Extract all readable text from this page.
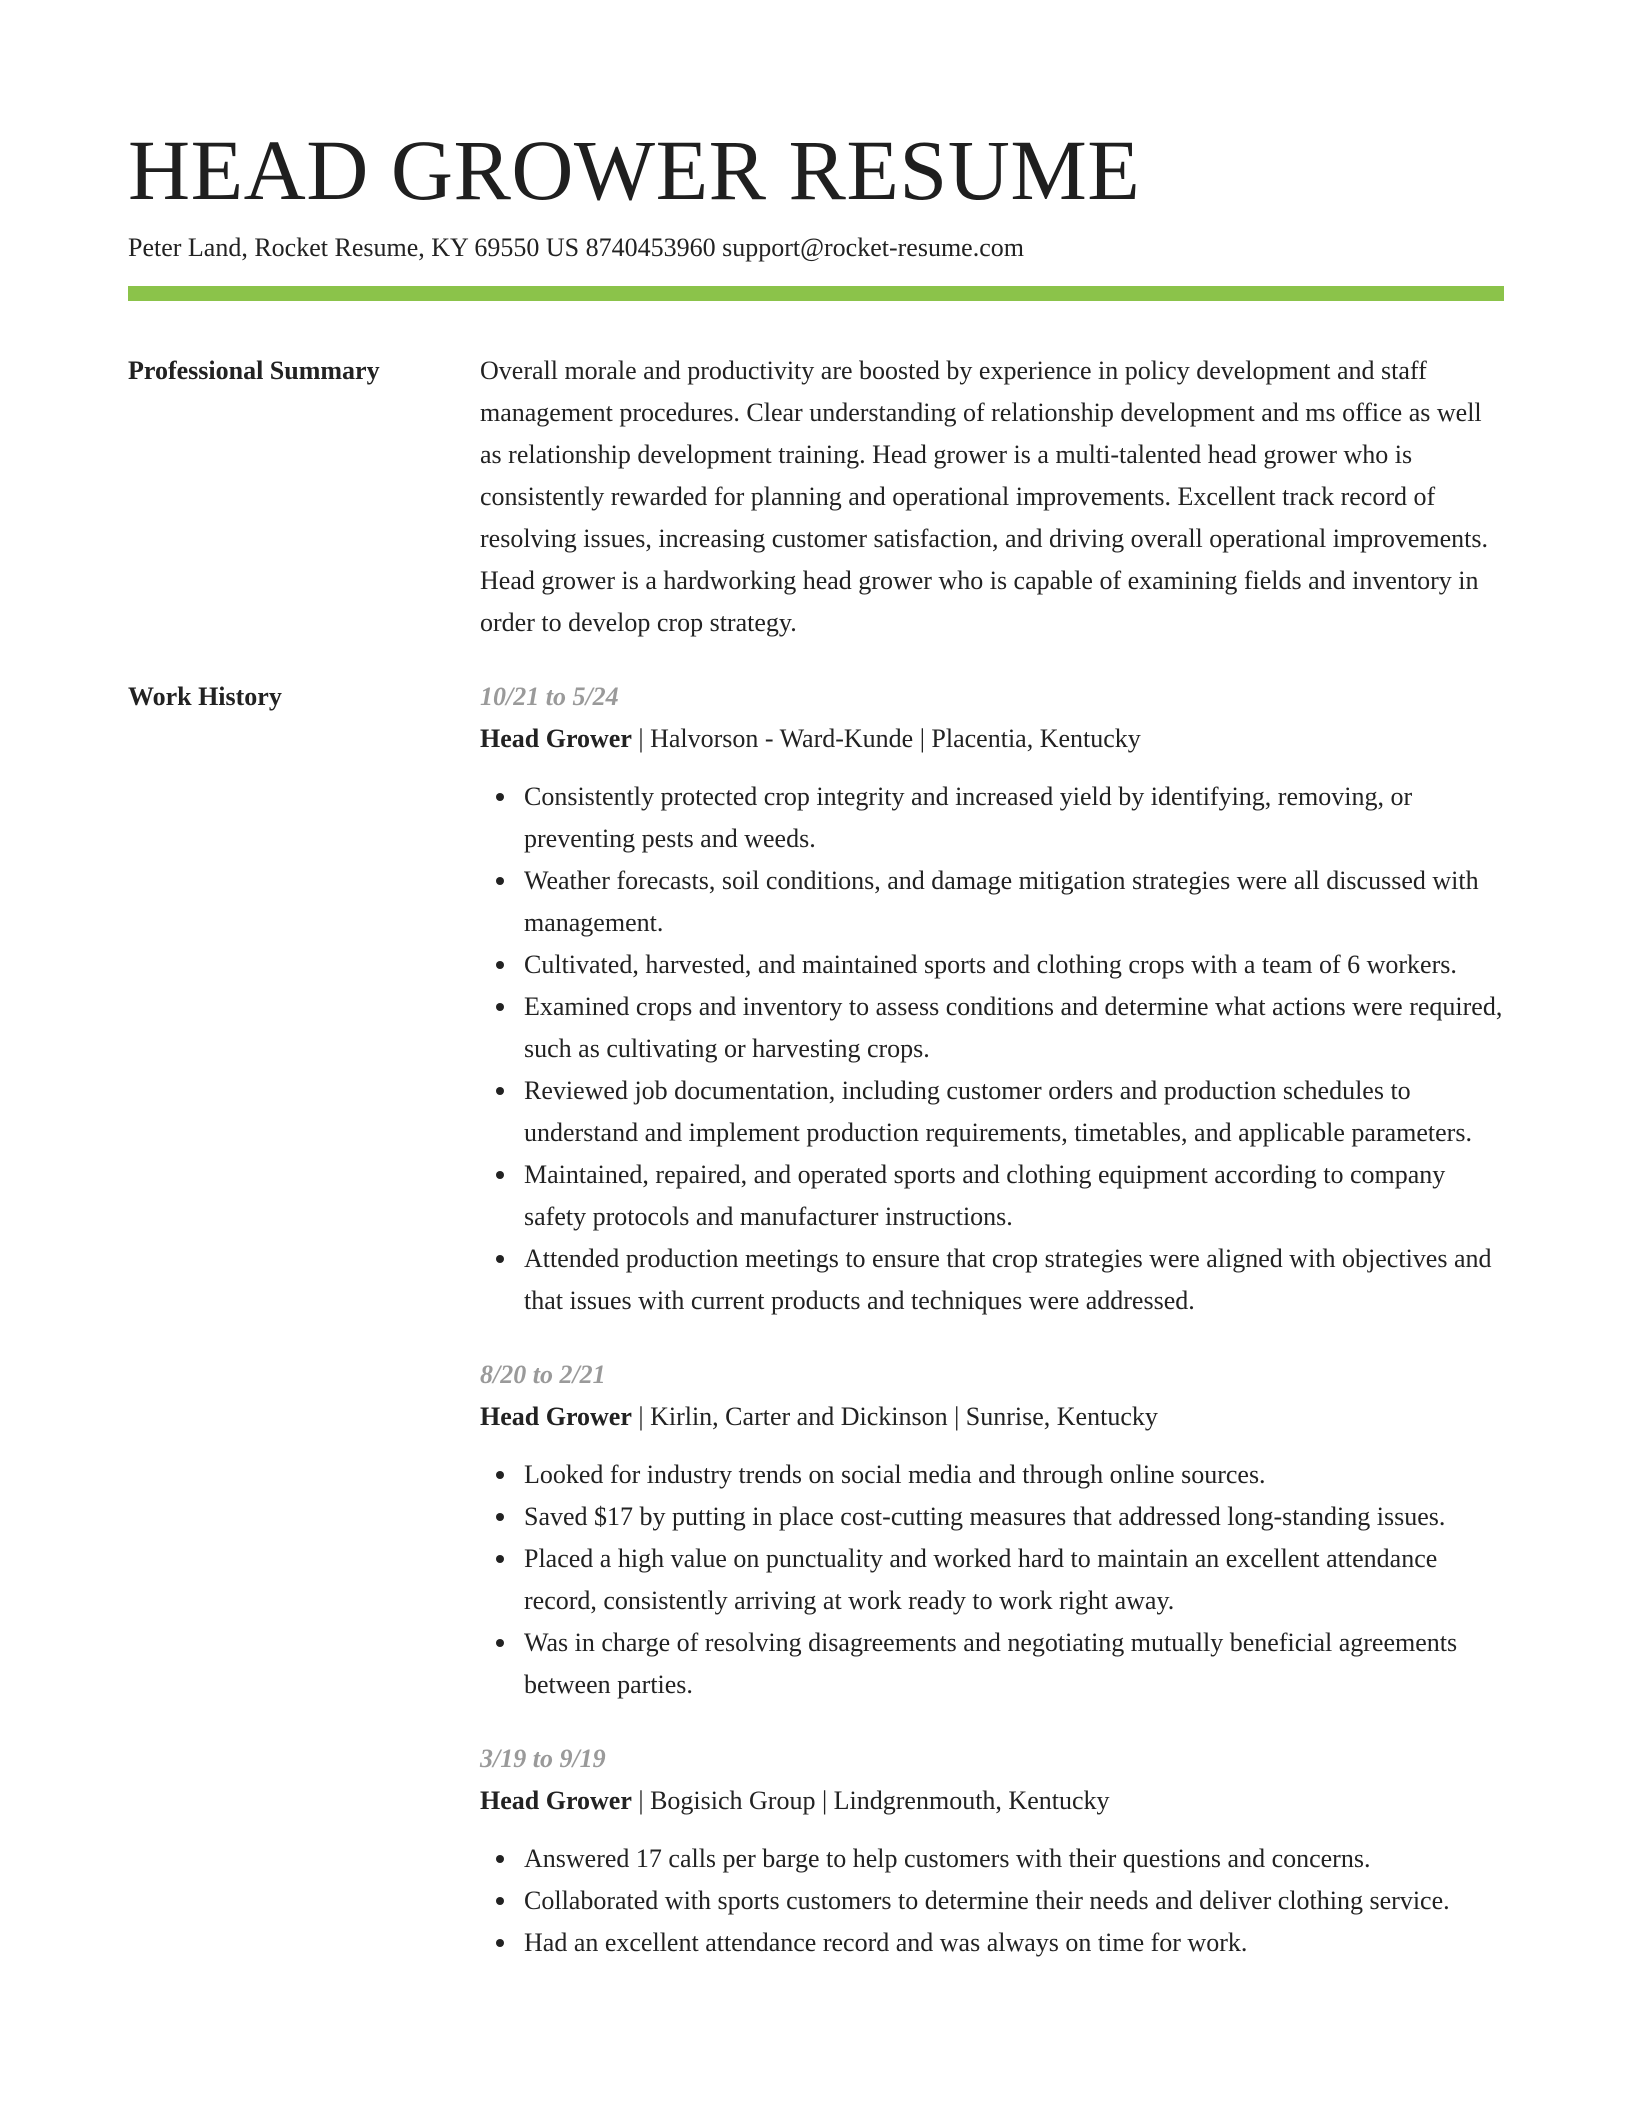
HEAD GROWER RESUME
Peter Land, Rocket Resume, KY 69550 US 8740453960 support@rocket-resume.com
Professional Summary	Overall morale and productivity are boosted by experience in policy development and staff management procedures. Clear understanding of relationship development and ms office as well as relationship development training. Head grower is a multi-talented head grower who is consistently rewarded for planning and operational improvements. Excellent track record of resolving issues, increasing customer satisfaction, and driving overall operational improvements. Head grower is a hardworking head grower who is capable of examining fields and inventory in order to develop crop strategy.

Work History	10/21 to 5/24
Head Grower | Halvorson - Ward-Kunde | Placentia, Kentucky
Consistently protected crop integrity and increased yield by identifying, removing, or preventing pests and weeds.
Weather forecasts, soil conditions, and damage mitigation strategies were all discussed with management.
Cultivated, harvested, and maintained sports and clothing crops with a team of 6 workers.
Examined crops and inventory to assess conditions and determine what actions were required, such as cultivating or harvesting crops.
Reviewed job documentation, including customer orders and production schedules to understand and implement production requirements, timetables, and applicable parameters.
Maintained, repaired, and operated sports and clothing equipment according to company safety protocols and manufacturer instructions.
Attended production meetings to ensure that crop strategies were aligned with objectives and that issues with current products and techniques were addressed.
8/20 to 2/21
Head Grower | Kirlin, Carter and Dickinson | Sunrise, Kentucky
Looked for industry trends on social media and through online sources.
Saved $17 by putting in place cost-cutting measures that addressed long-standing issues.
Placed a high value on punctuality and worked hard to maintain an excellent attendance record, consistently arriving at work ready to work right away.
Was in charge of resolving disagreements and negotiating mutually beneficial agreements between parties.
3/19 to 9/19
Head Grower | Bogisich Group | Lindgrenmouth, Kentucky
Answered 17 calls per barge to help customers with their questions and concerns.
Collaborated with sports customers to determine their needs and deliver clothing service.
Had an excellent attendance record and was always on time for work.
